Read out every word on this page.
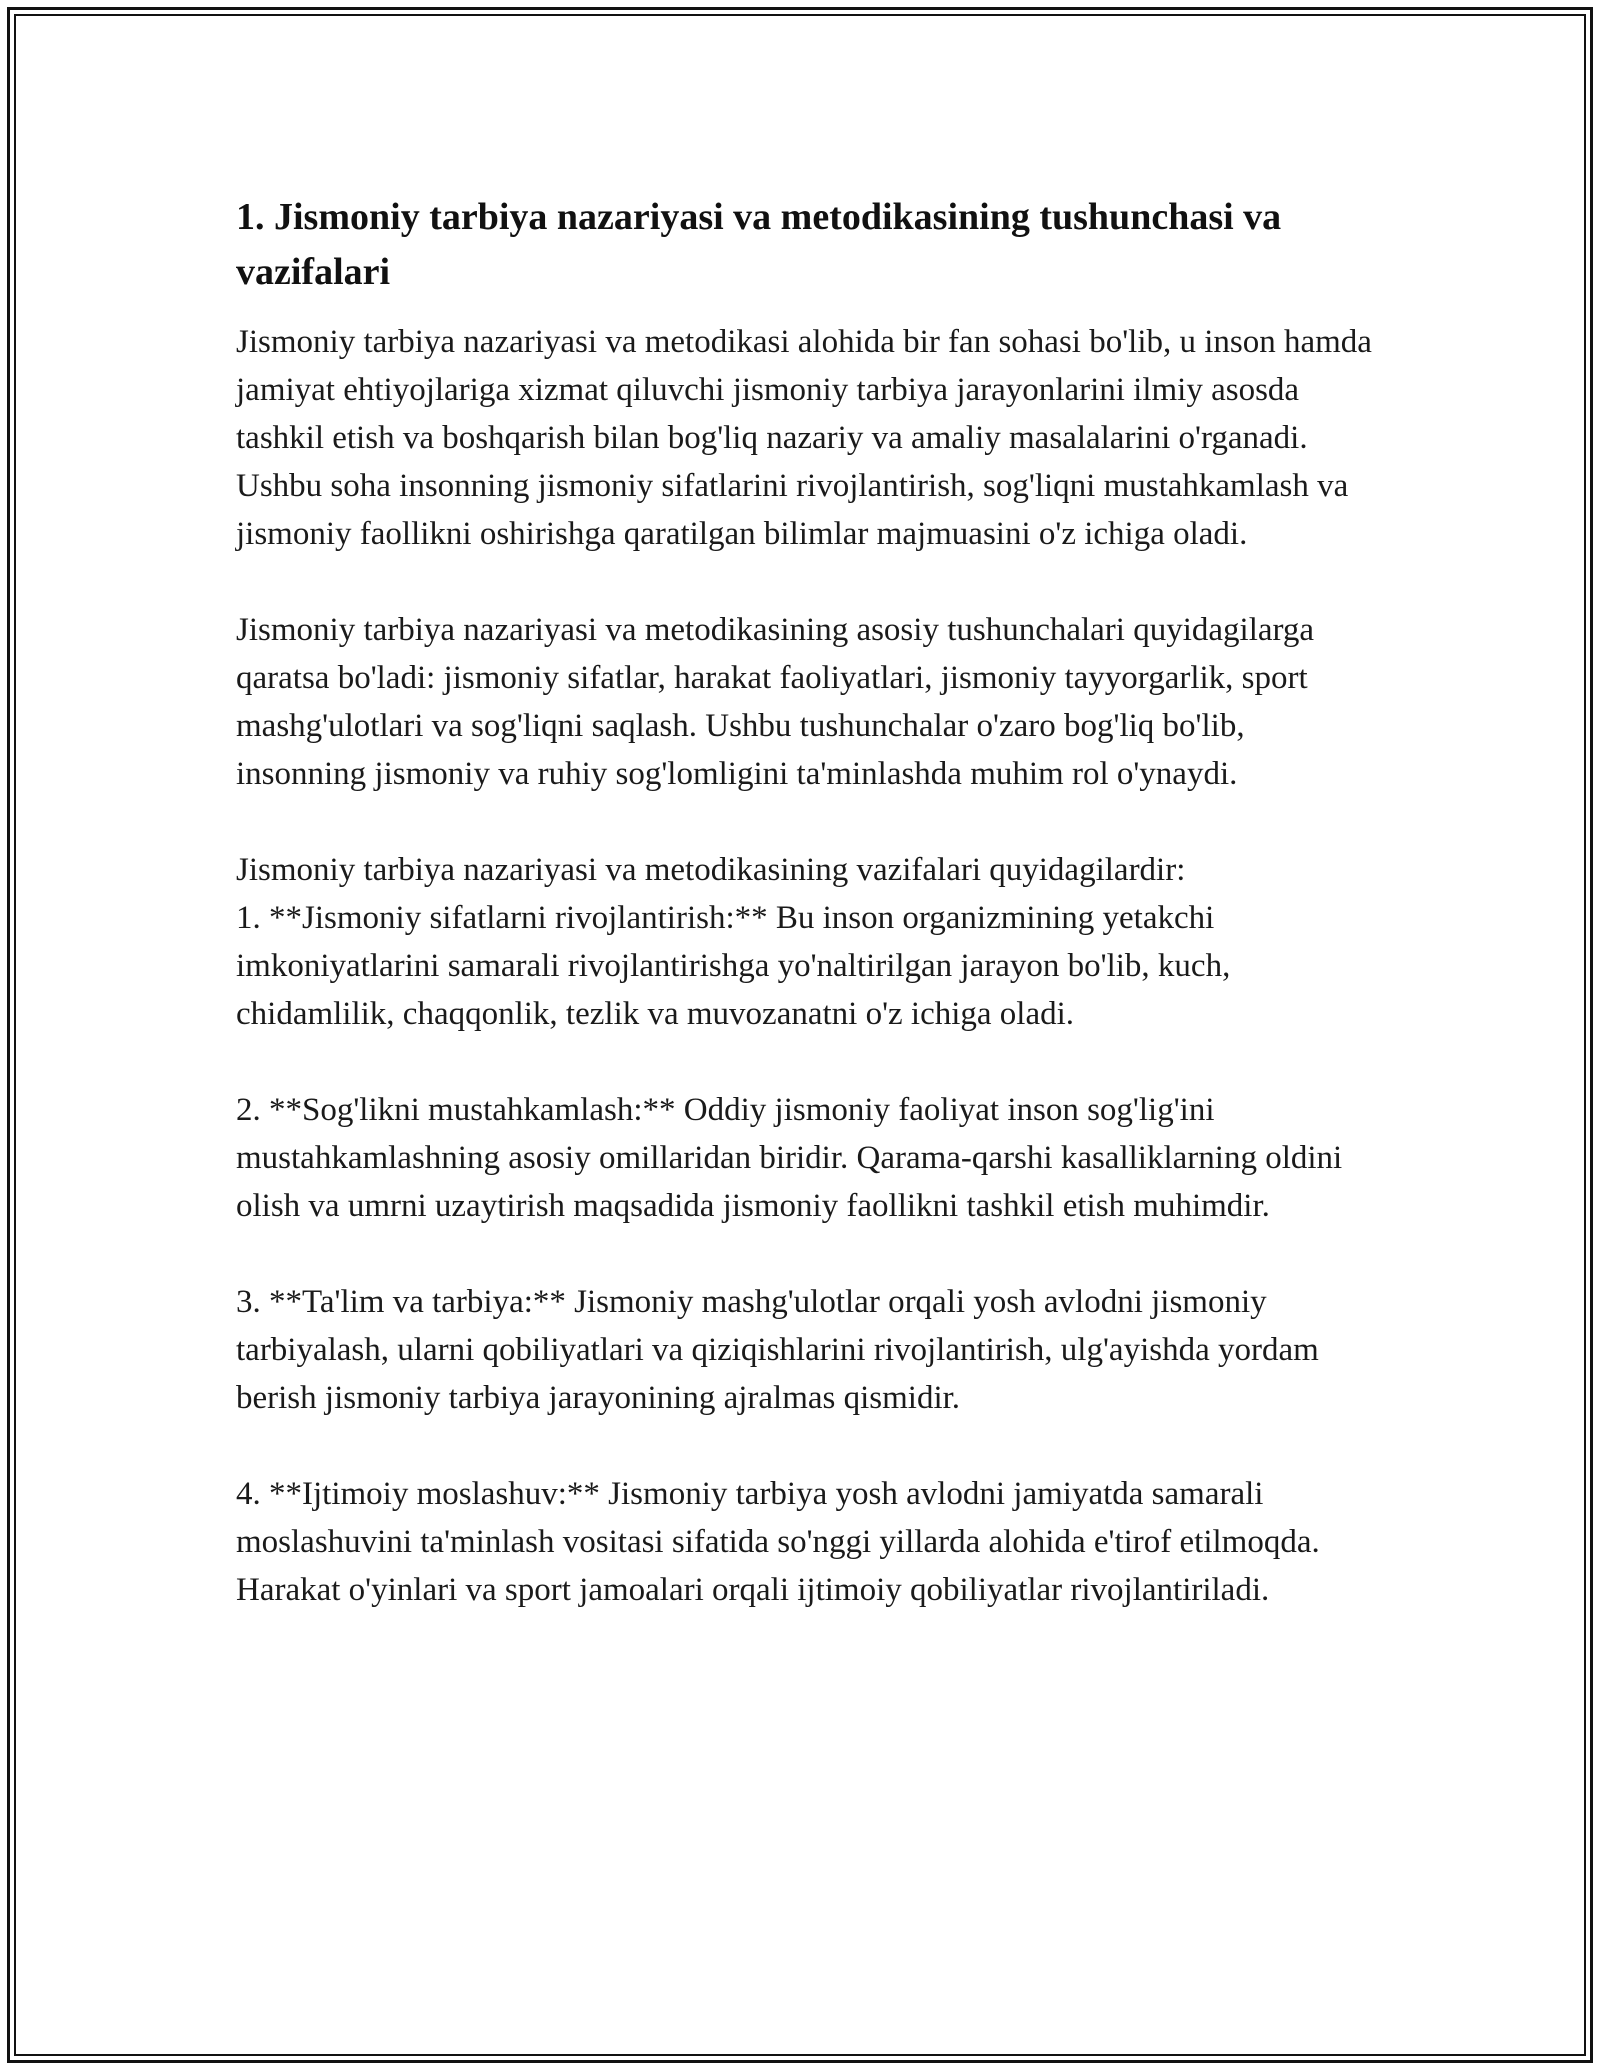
1. Jismoniy tarbiya nazariyasi va metodikasining tushunchasi va vazifalari

Jismoniy tarbiya nazariyasi va metodikasi alohida bir fan sohasi bo'lib, u inson hamda jamiyat ehtiyojlariga xizmat qiluvchi jismoniy tarbiya jarayonlarini ilmiy asosda tashkil etish va boshqarish bilan bog'liq nazariy va amaliy masalalarini o'rganadi. Ushbu soha insonning jismoniy sifatlarini rivojlantirish, sog'liqni mustahkamlash va jismoniy faollikni oshirishga qaratilgan bilimlar majmuasini o'z ichiga oladi.

Jismoniy tarbiya nazariyasi va metodikasining asosiy tushunchalari quyidagilarga qaratsa bo'ladi: jismoniy sifatlar, harakat faoliyatlari, jismoniy tayyorgarlik, sport mashg'ulotlari va sog'liqni saqlash. Ushbu tushunchalar o'zaro bog'liq bo'lib, insonning jismoniy va ruhiy sog'lomligini ta'minlashda muhim rol o'ynaydi.

Jismoniy tarbiya nazariyasi va metodikasining vazifalari quyidagilardir:

1. **Jismoniy sifatlarni rivojlantirish:** Bu inson organizmining yetakchi imkoniyatlarini samarali rivojlantirishga yo'naltirilgan jarayon bo'lib, kuch, chidamlilik, chaqqonlik, tezlik va muvozanatni o'z ichiga oladi.

2. **Sog'likni mustahkamlash:** Oddiy jismoniy faoliyat inson sog'lig'ini mustahkamlashning asosiy omillaridan biridir. Qarama-qarshi kasalliklarning oldini olish va umrni uzaytirish maqsadida jismoniy faollikni tashkil etish muhimdir.

3. **Ta'lim va tarbiya:** Jismoniy mashg'ulotlar orqali yosh avlodni jismoniy tarbiyalash, ularni qobiliyatlari va qiziqishlarini rivojlantirish, ulg'ayishda yordam berish jismoniy tarbiya jarayonining ajralmas qismidir.

4. **Ijtimoiy moslashuv:** Jismoniy tarbiya yosh avlodni jamiyatda samarali moslashuvini ta'minlash vositasi sifatida so'nggi yillarda alohida e'tirof etilmoqda. Harakat o'yinlari va sport jamoalari orqali ijtimoiy qobiliyatlar rivojlantiriladi.
